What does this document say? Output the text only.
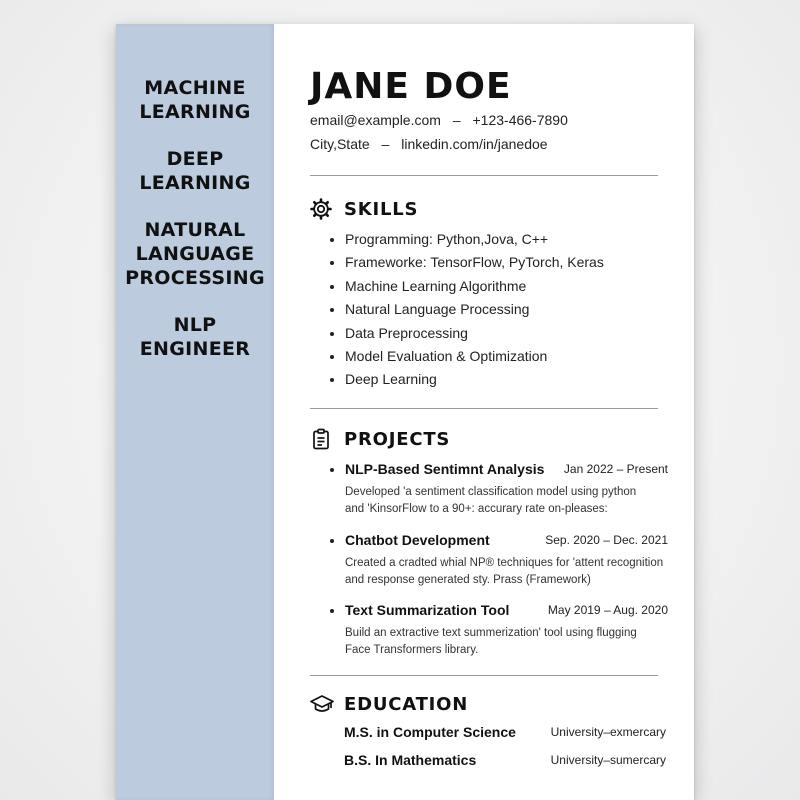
MACHINE
LEARNING
DEEP
LEARNING
NATURAL
LANGUAGE
PROCESSING
NLP
ENGINEER
JANE DOE
email@example.com – +123-466-7890
City,State – linkedin.com/in/janedoe
SKILLS
Programming: Python,Jova, C++
Frameworke: TensorFlow, PyTorch, Keras
Machine Learning Algorithme
Natural Language Processing
Data Preprocessing
Model Evaluation & Optimization
Deep Learning
PROJECTS
NLP-Based Sentimnt Analysis Jan 2022 – Present
Developed 'a sentiment classification model using python
and 'KinsorFlow to a 90+: accurary rate on-pleases:
Chatbot Development	Sep. 2020 – Dec. 2021
Created a cradted whial NP® techniques for 'attent recognition
and response generated sty. Prass (Framework)
Text Summarization Tool	May 2019 – Aug. 2020
Build an extractive text summerization' tool using flugging
Face Transformers library.
EDUCATION
M.S. in Computer Science	University–exmercary
B.S. In Mathematics	University–sumercary
